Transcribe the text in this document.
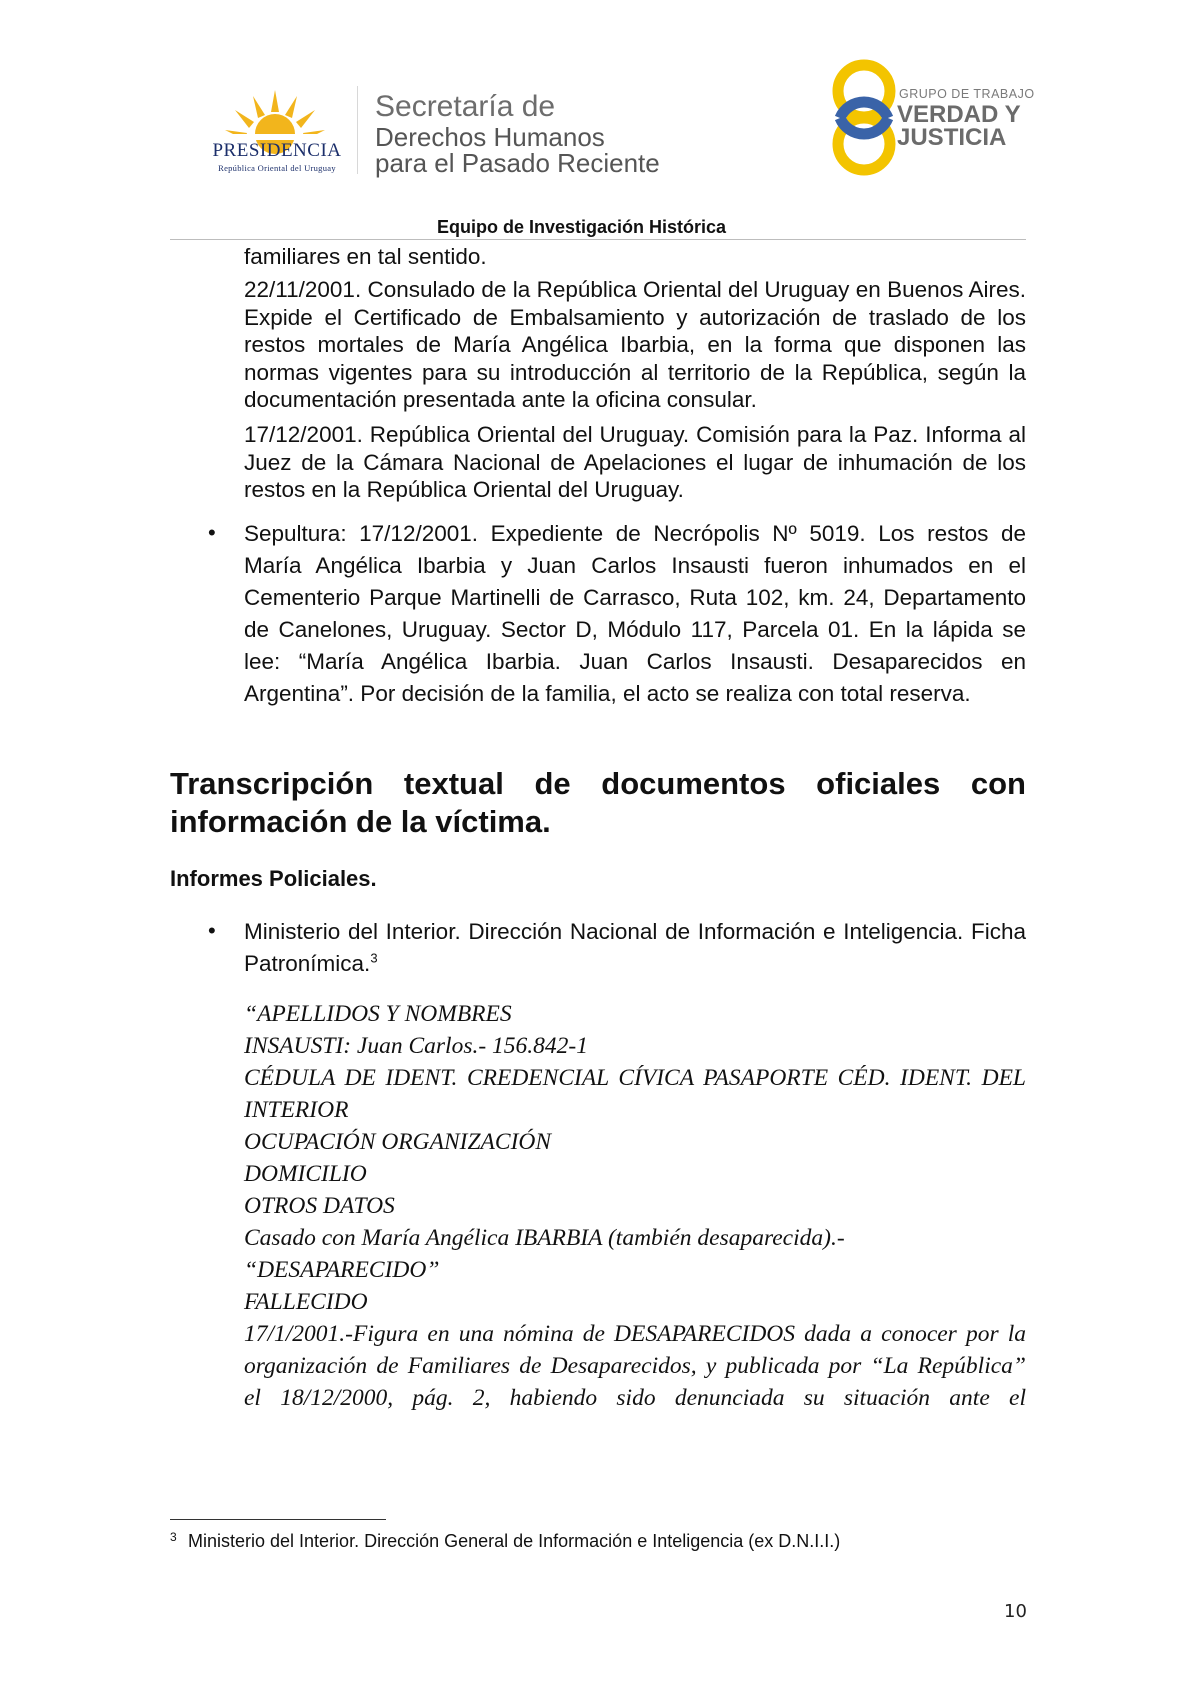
PRESIDENCIA
República Oriental del Uruguay
Secretaría de
Derechos Humanos
para el Pasado Reciente
GRUPO DE TRABAJO
VERDAD Y
JUSTICIA
Equipo de Investigación Histórica
familiares en tal sentido.
22/11/2001. Consulado de la República Oriental del Uruguay en Buenos Aires. Expide el Certificado de Embalsamiento y autorización de traslado de los restos mortales de María Angélica Ibarbia, en la forma que disponen las normas vigentes para su introducción al territorio de la República, según la documentación presentada ante la oficina consular.
17/12/2001. República Oriental del Uruguay. Comisión para la Paz. Informa al Juez de la Cámara Nacional de Apelaciones el lugar de inhumación de los restos en la República Oriental del Uruguay.
• Sepultura: 17/12/2001. Expediente de Necrópolis Nº 5019. Los restos de María Angélica Ibarbia y Juan Carlos Insausti fueron inhumados en el Cementerio Parque Martinelli de Carrasco, Ruta 102, km. 24, Departamento de Canelones, Uruguay. Sector D, Módulo 117, Parcela 01. En la lápida se lee: “María Angélica Ibarbia. Juan Carlos Insausti. Desaparecidos en Argentina”. Por decisión de la familia, el acto se realiza con total reserva.
Transcripción textual de documentos oficiales con información de la víctima.
Informes Policiales.
• Ministerio del Interior. Dirección Nacional de Información e Inteligencia. Ficha Patronímica.$^3$
“APELLIDOS Y NOMBRES
INSAUSTI: Juan Carlos.- 156.842-1
CÉDULA DE IDENT. CREDENCIAL CÍVICA PASAPORTE CÉD. IDENT. DEL
INTERIOR
OCUPACIÓN ORGANIZACIÓN
DOMICILIO
OTROS DATOS
Casado con María Angélica IBARBIA (también desaparecida).-
“DESAPARECIDO”
FALLECIDO
17/1/2001.-Figura en una nómina de DESAPARECIDOS dada a conocer por la
organización de Familiares de Desaparecidos, y publicada por “La República”
el 18/12/2000, pág. 2, habiendo sido denunciada su situación ante el
3 Ministerio del Interior. Dirección General de Información e Inteligencia (ex D.N.I.I.)
10
